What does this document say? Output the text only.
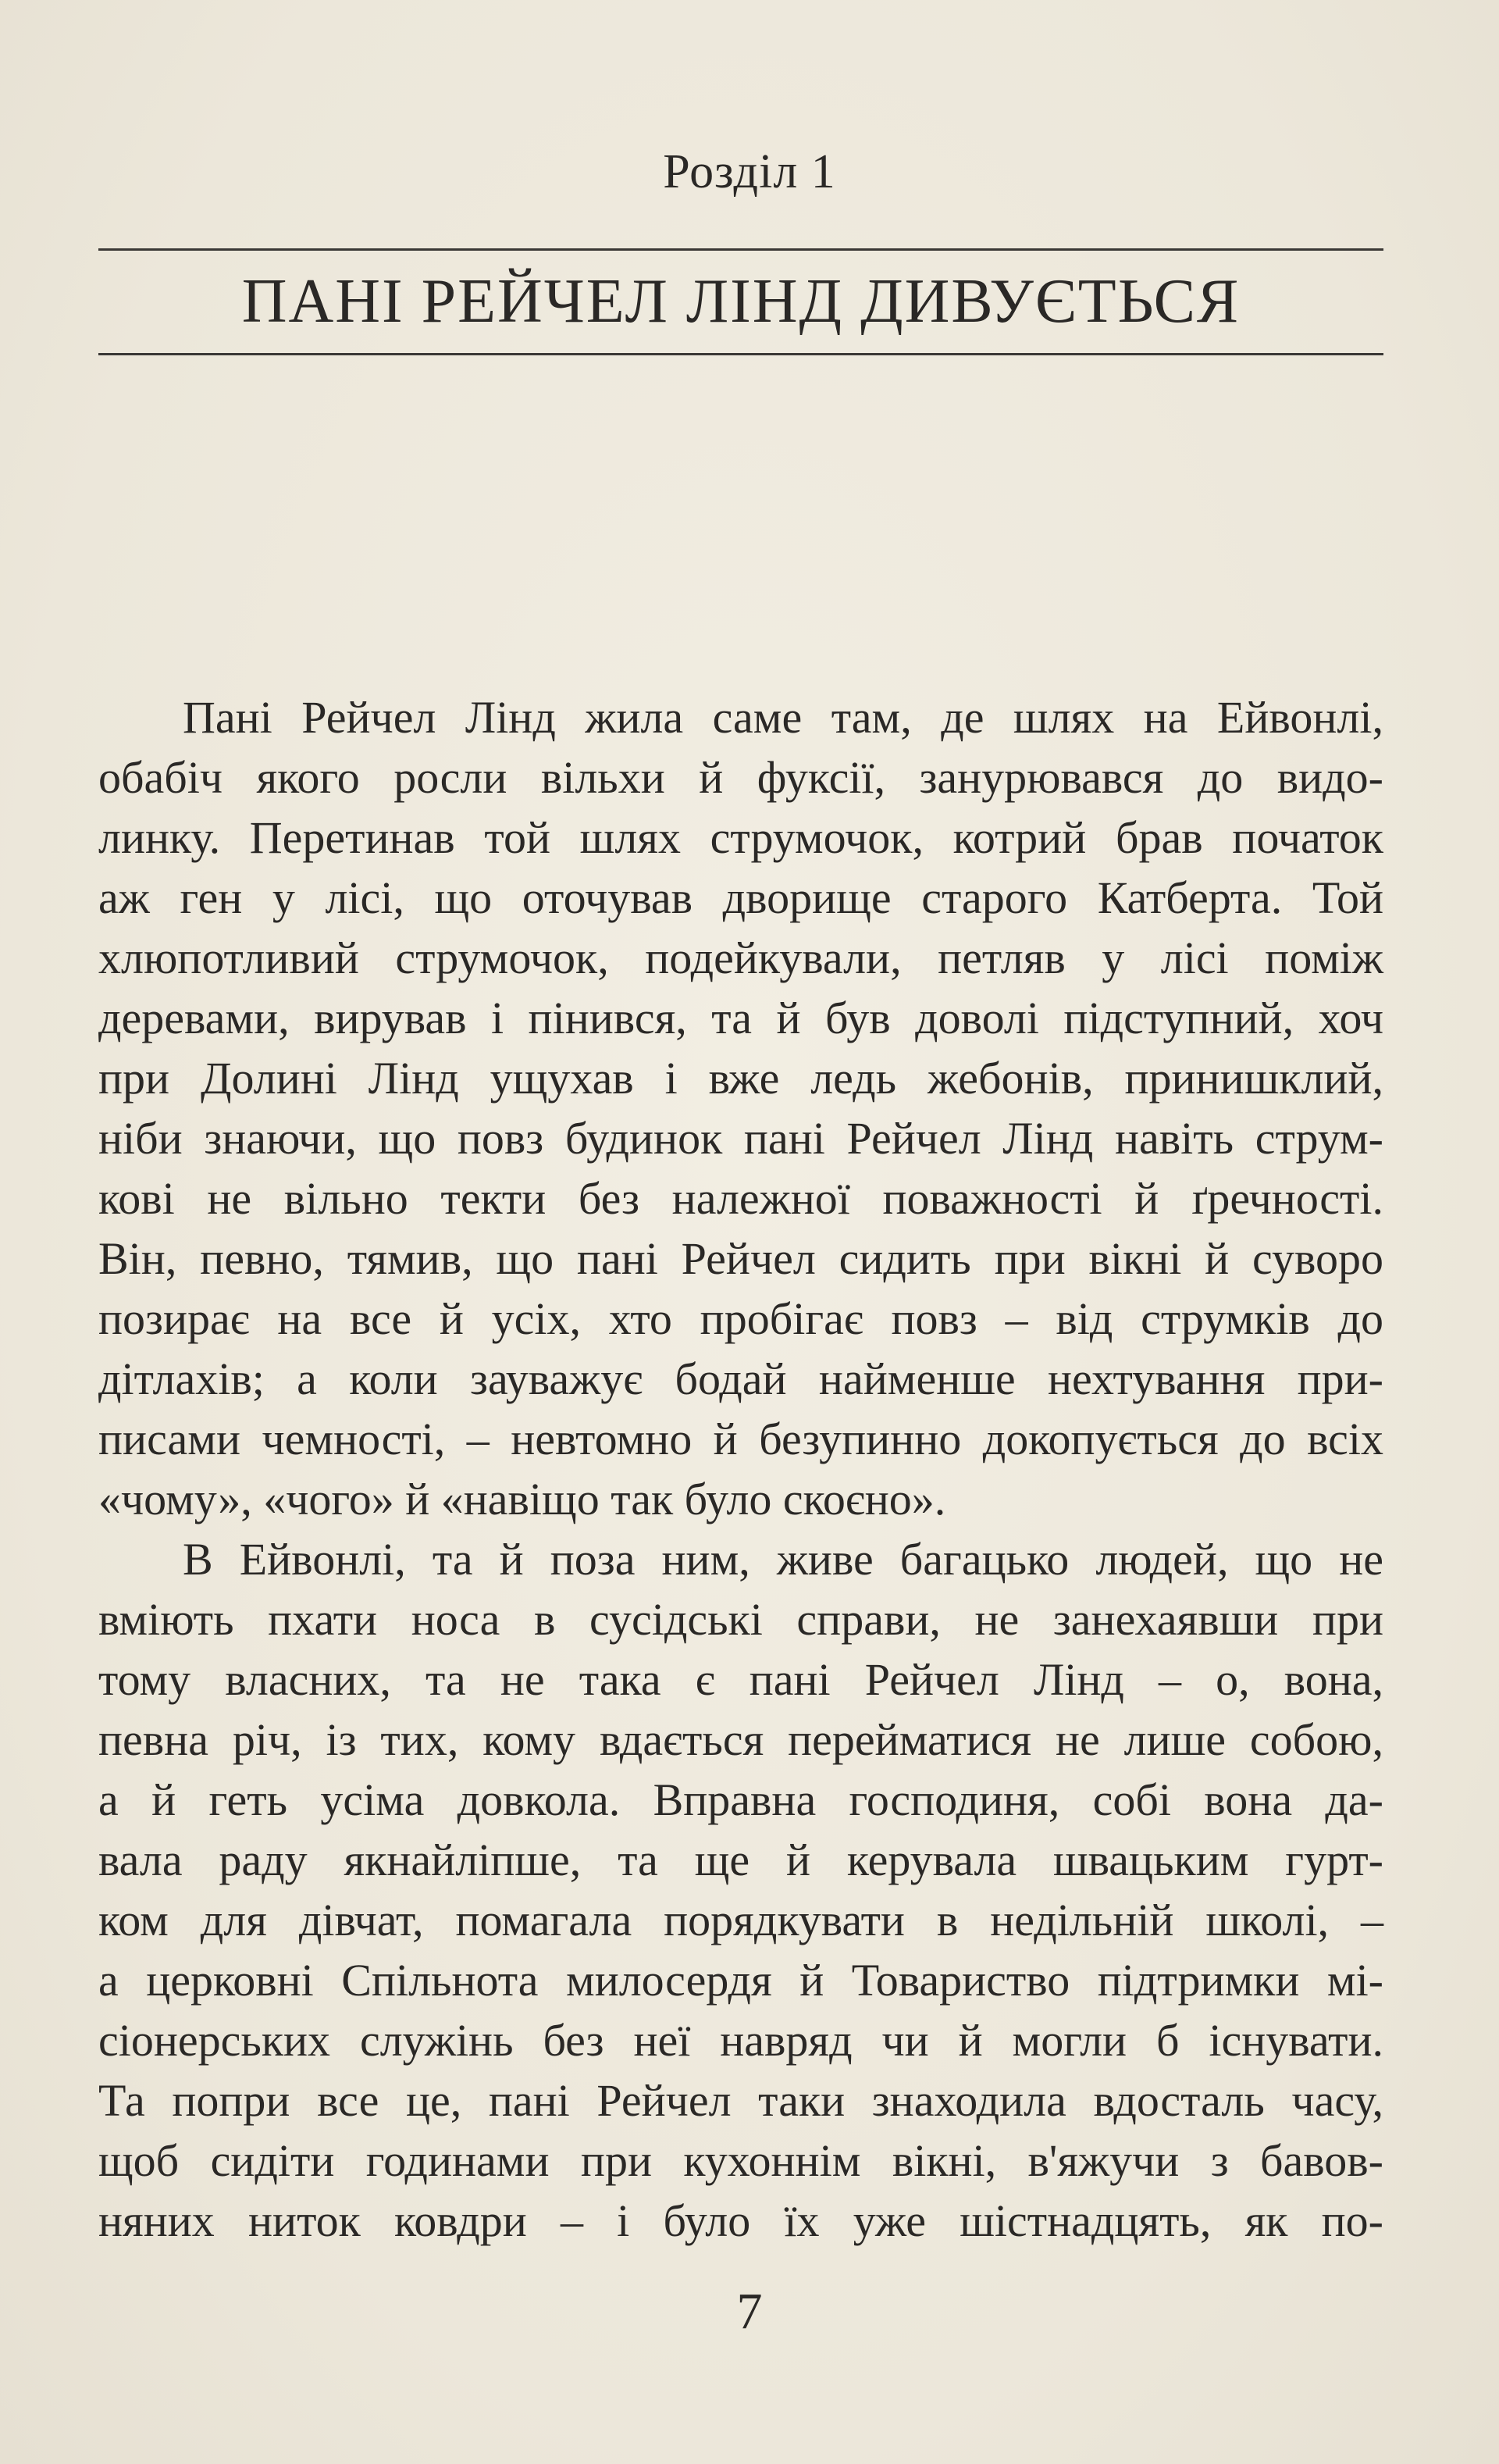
Розділ 1
ПАНІ РЕЙЧЕЛ ЛІНД ДИВУЄТЬСЯ
Пані Рейчел Лінд жила саме там, де шлях на Ейвонлі,
обабіч якого росли вільхи й фуксії, занурювався до видо-
линку. Перетинав той шлях струмочок, котрий брав початок
аж ген у лісі, що оточував дворище старого Катберта. Той
хлюпотливий струмочок, подейкували, петляв у лісі поміж
деревами, вирував і пінився, та й був доволі підступний, хоч
при Долині Лінд ущухав і вже ледь жебонів, принишклий,
ніби знаючи, що повз будинок пані Рейчел Лінд навіть струм-
кові не вільно текти без належної поважності й ґречності.
Він, певно, тямив, що пані Рейчел сидить при вікні й суворо
позирає на все й усіх, хто пробігає повз – від струмків до
дітлахів; а коли зауважує бодай найменше нехтування при-
писами чемності, – невтомно й безупинно докопується до всіх
«чому», «чого» й «навіщо так було скоєно».
В Ейвонлі, та й поза ним, живе багацько людей, що не
вміють пхати носа в сусідські справи, не занехаявши при
тому власних, та не така є пані Рейчел Лінд – о, вона,
певна річ, із тих, кому вдається перейматися не лише собою,
а й геть усіма довкола. Вправна господиня, собі вона да-
вала раду якнайліпше, та ще й керувала швацьким гурт-
ком для дівчат, помагала порядкувати в недільній школі, –
а церковні Спільнота милосердя й Товариство підтримки мі-
сіонерських служінь без неї навряд чи й могли б існувати.
Та попри все це, пані Рейчел таки знаходила вдосталь часу,
щоб сидіти годинами при кухоннім вікні, в'яжучи з бавов-
няних ниток ковдри – і було їх уже шістнадцять, як по-
7
